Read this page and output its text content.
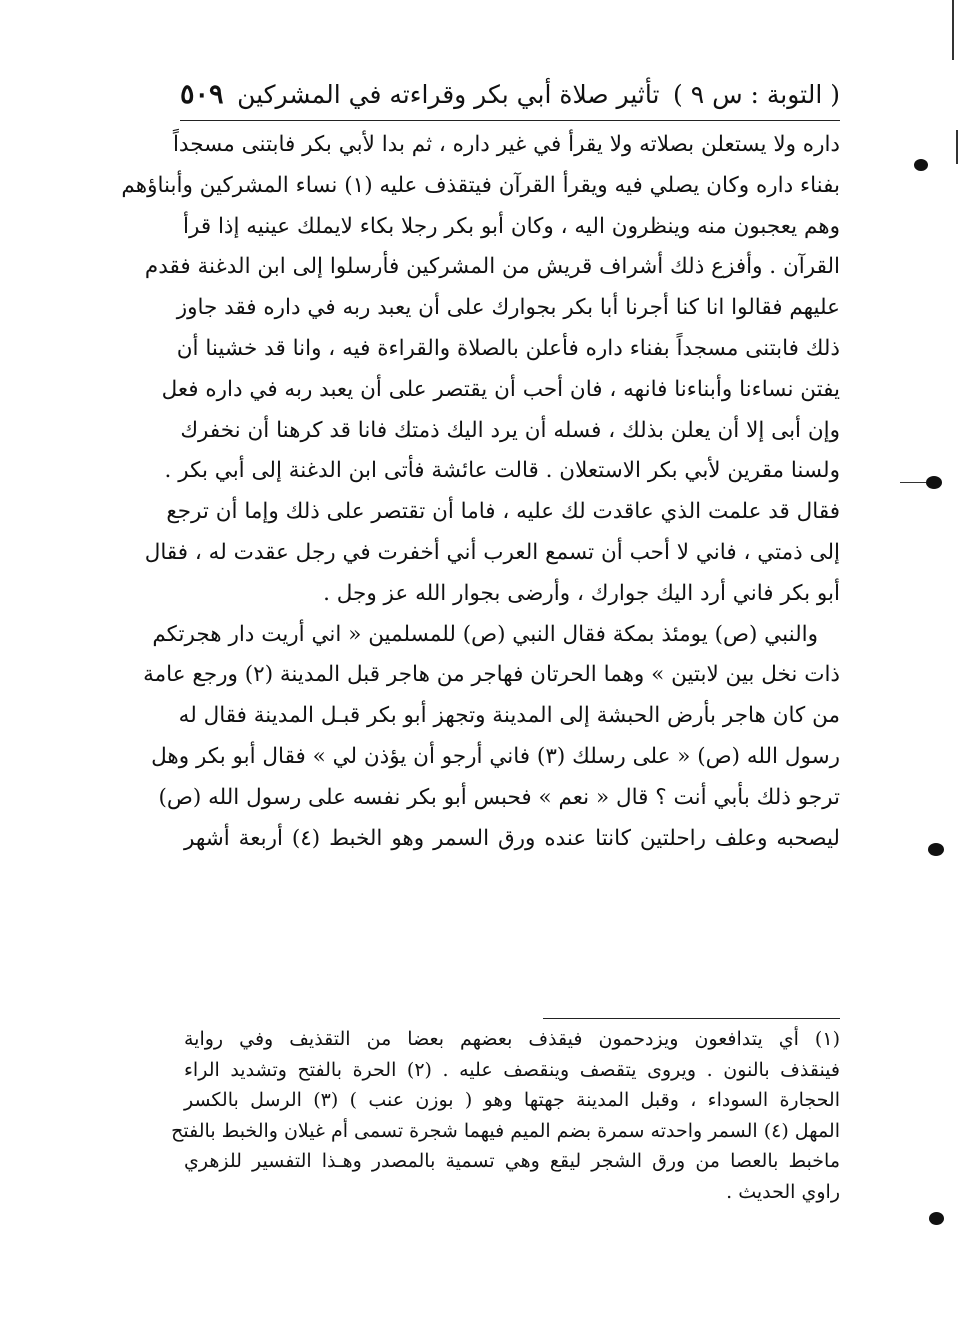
( التوبة : س ٩ )
تأثير صلاة أبي بكر وقراءته في المشركين
٥٠٩
داره ولا يستعلن بصلاته ولا يقرأ في غير داره ، ثم بدا لأبي بكر فابتنى مسجداً
بفناء داره وكان يصلي فيه ويقرأ القرآن فيتقذف عليه (١) نساء المشركين وأبناؤهم
وهم يعجبون منه وينظرون اليه ، وكان أبو بكر رجلا بكاء لايملك عينيه إذا قرأ
القرآن . وأفزع ذلك أشراف قريش من المشركين فأرسلوا إلى ابن الدغنة فقدم
عليهم فقالوا انا كنا أجرنا أبا بكر بجوارك على أن يعبد ربه في داره فقد جاوز
ذلك فابتنى مسجداً بفناء داره فأعلن بالصلاة والقراءة فيه ، وانا قد خشينا أن
يفتن نساءنا وأبناءنا فانهه ، فان أحب أن يقتصر على أن يعبد ربه في داره فعل
وإن أبى إلا أن يعلن بذلك ، فسله أن يرد اليك ذمتك فانا قد كرهنا أن نخفرك
ولسنا مقرين لأبي بكر الاستعلان . قالت عائشة فأتى ابن الدغنة إلى أبي بكر .
فقال قد علمت الذي عاقدت لك عليه ، فاما أن تقتصر على ذلك وإما أن ترجع
إلى ذمتي ، فاني لا أحب أن تسمع العرب أني أخفرت في رجل عقدت له ، فقال
أبو بكر فاني أرد اليك جوارك ، وأرضى بجوار الله عز وجل .
والنبي (ص) يومئذ بمكة فقال النبي (ص) للمسلمين « اني أريت دار هجرتكم
ذات نخل بين لابتين » وهما الحرتان فهاجر من هاجر قبل المدينة (٢) ورجع عامة
من كان هاجر بأرض الحبشة إلى المدينة وتجهز أبو بكر قبـل المدينة فقال له
رسول الله (ص) « على رسلك (٣) فاني أرجو أن يؤذن لي » فقال أبو بكر وهل
ترجو ذلك بأبي أنت ؟ قال « نعم » فحبس أبو بكر نفسه على رسول الله (ص)
ليصحبه وعلف راحلتين كانتا عنده ورق السمر وهو الخبط (٤) أربعة أشهر
(١) أي يتدافعون ويزدحمون فيقذف بعضهم بعضا من التقذيف وفي رواية
فينقذف بالنون . ويروى يتقصف وينقصف عليه . (٢) الحرة بالفتح وتشديد الراء
الحجارة السوداء ، وقبل المدينة جهتها وهو ( بوزن عنب ) (٣) الرسل بالكسر
المهل (٤) السمر واحدته سمرة بضم الميم فيهما شجرة تسمى أم غيلان والخبط بالفتح
ماخبط بالعصا من ورق الشجر ليقع وهي تسمية بالمصدر وهـذا التفسير للزهري
راوي الحديث .
